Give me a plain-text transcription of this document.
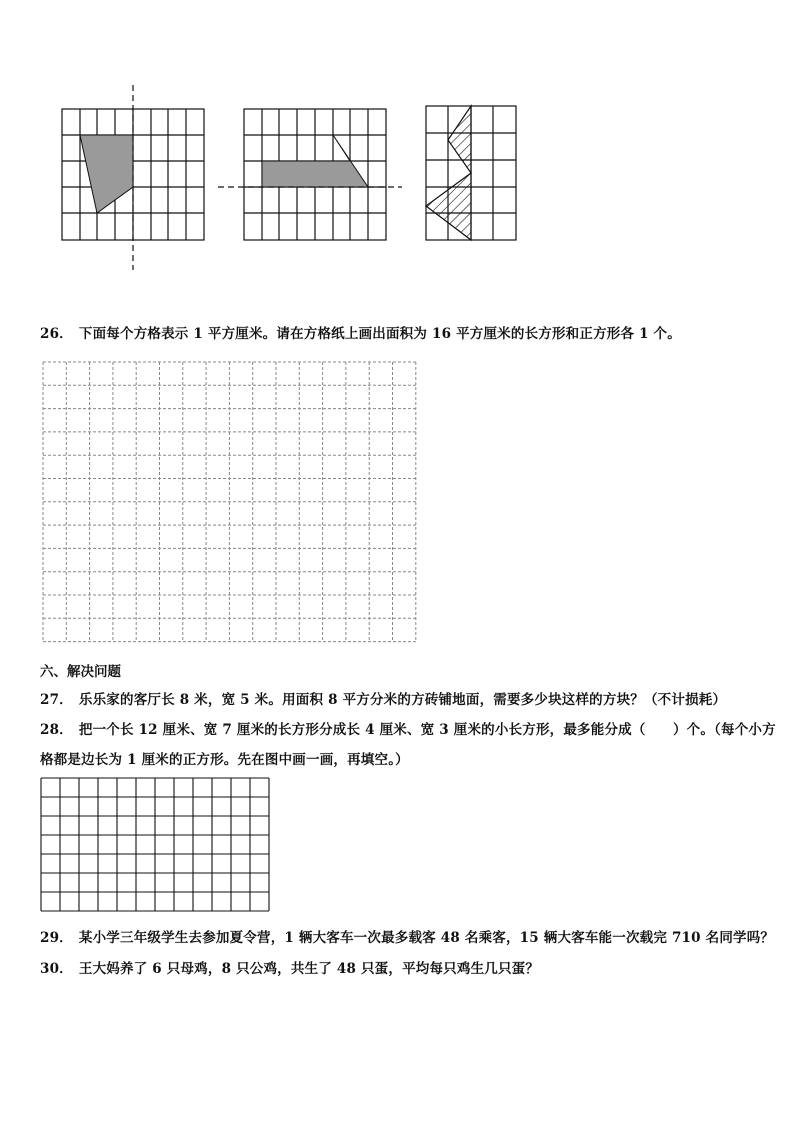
26． 下面每个方格表示 1 平方厘米。请在方格纸上画出面积为 16 平方厘米的长方形和正方形各 1 个。
六、解决问题
27． 乐乐家的客厅长 8 米，宽 5 米。用面积 8 平方分米的方砖铺地面，需要多少块这样的方块？（不计损耗）
28． 把一个长 12 厘米、宽 7 厘米的长方形分成长 4 厘米、宽 3 厘米的小长方形，最多能分成（　　）个。（每个小方
格都是边长为 1 厘米的正方形。先在图中画一画，再填空。）
29． 某小学三年级学生去参加夏令营，1 辆大客车一次最多载客 48 名乘客，15 辆大客车能一次载完 710 名同学吗？
30． 王大妈养了 6 只母鸡，8 只公鸡，共生了 48 只蛋，平均每只鸡生几只蛋？
